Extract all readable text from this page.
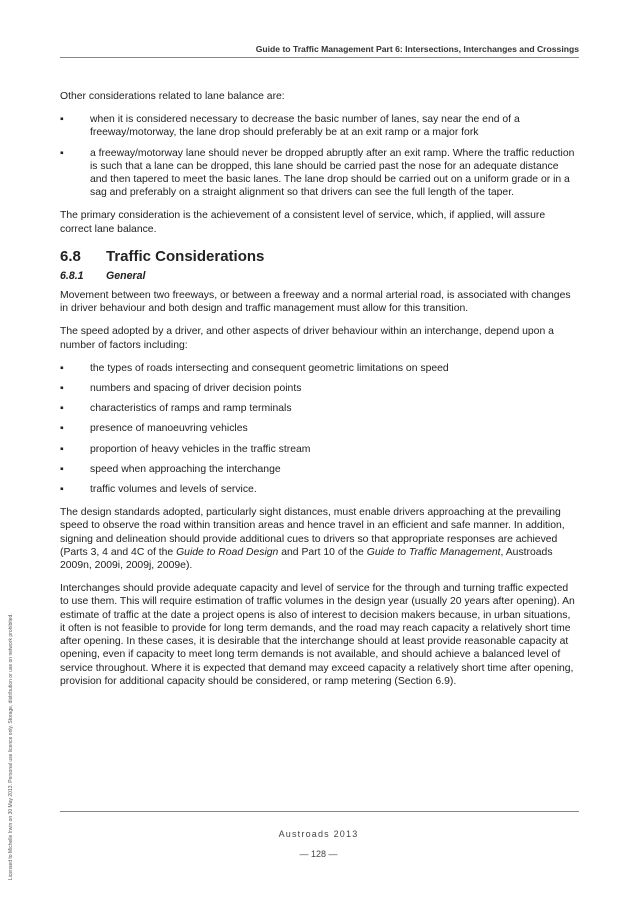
Guide to Traffic Management Part 6: Intersections, Interchanges and Crossings

Other considerations related to lane balance are:

▪	when it is considered necessary to decrease the basic number of lanes, say near the end of a freeway/motorway, the lane drop should preferably be at an exit ramp or a major fork
▪	a freeway/motorway lane should never be dropped abruptly after an exit ramp. Where the traffic reduction is such that a lane can be dropped, this lane should be carried past the nose for an adequate distance and then tapered to meet the basic lanes. The lane drop should be carried out on a uniform grade or in a sag and preferably on a straight alignment so that drivers can see the full length of the taper.

The primary consideration is the achievement of a consistent level of service, which, if applied, will assure correct lane balance.

6.8 Traffic Considerations
6.8.1 General

Movement between two freeways, or between a freeway and a normal arterial road, is associated with changes in driver behaviour and both design and traffic management must allow for this transition.

The speed adopted by a driver, and other aspects of driver behaviour within an interchange, depend upon a number of factors including:

▪	the types of roads intersecting and consequent geometric limitations on speed
▪	numbers and spacing of driver decision points
▪	characteristics of ramps and ramp terminals
▪	presence of manoeuvring vehicles
▪	proportion of heavy vehicles in the traffic stream
▪	speed when approaching the interchange
▪	traffic volumes and levels of service.

The design standards adopted, particularly sight distances, must enable drivers approaching at the prevailing speed to observe the road within transition areas and hence travel in an efficient and safe manner. In addition, signing and delineation should provide additional cues to drivers so that appropriate responses are achieved (Parts 3, 4 and 4C of the Guide to Road Design and Part 10 of the Guide to Traffic Management, Austroads 2009n, 2009i, 2009j, 2009e).

Interchanges should provide adequate capacity and level of service for the through and turning traffic expected to use them. This will require estimation of traffic volumes in the design year (usually 20 years after opening). An estimate of traffic at the date a project opens is also of interest to decision makers because, in urban situations, it often is not feasible to provide for long term demands, and the road may reach capacity a relatively short time after opening. In these cases, it is desirable that the interchange should at least provide reasonable capacity at opening, even if capacity to meet long term demands is not available, and should achieve a balanced level of service throughout. Where it is expected that demand may exceed capacity a relatively short time after opening, provision for additional capacity should be considered, or ramp metering (Section 6.9).

Licensed to Michelle Irwin on 30 May 2013. Personal use licence only. Storage, distribution or use on network prohibited.	Austroads 2013
— 128 —
